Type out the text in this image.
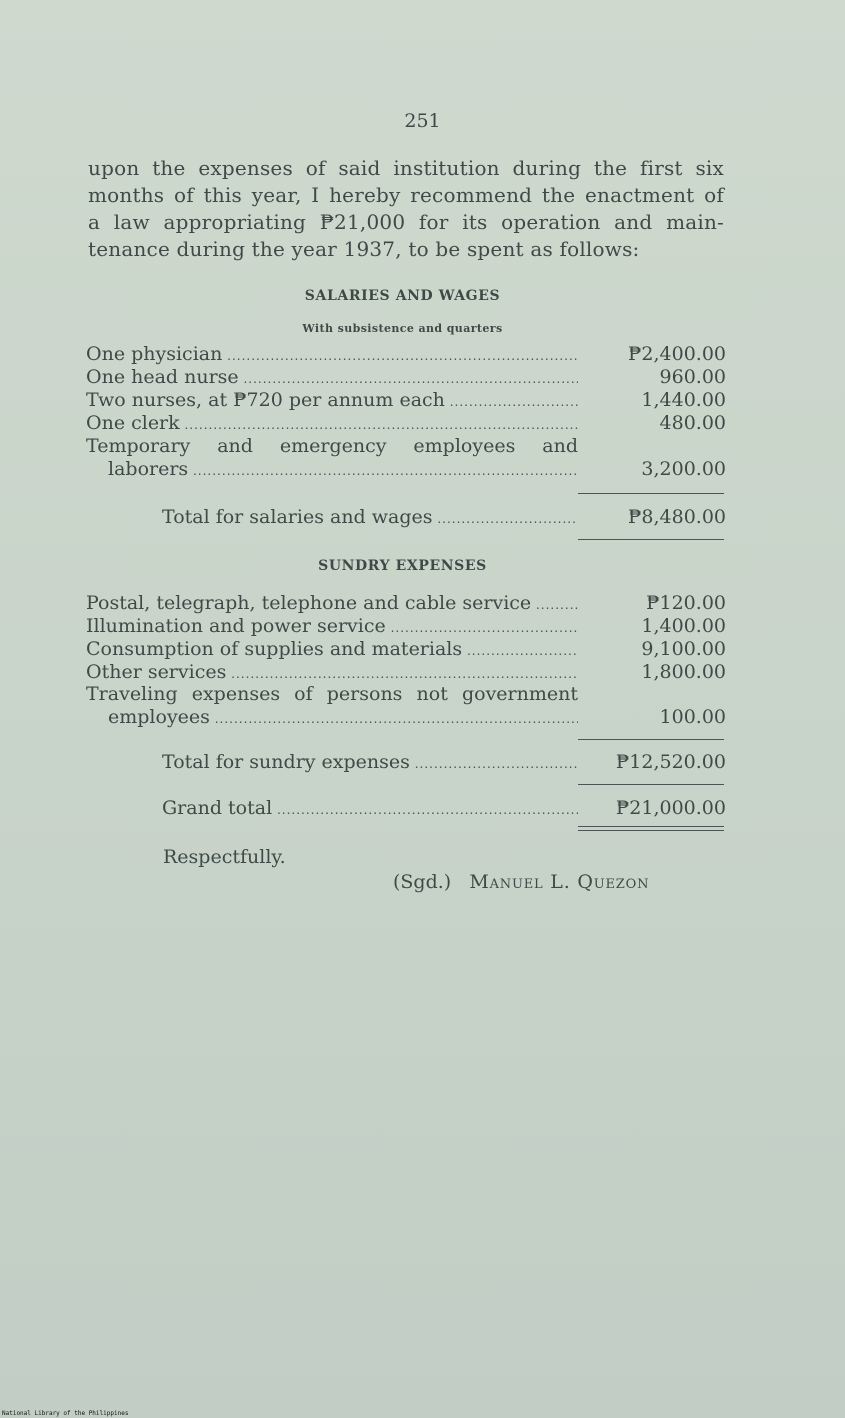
251
upon the expenses of said institution during the first six
months of this year, I hereby recommend the enactment of
a law appropriating ₱21,000 for its operation and main-
tenance during the year 1937, to be spent as follows:
SALARIES AND WAGES
With subsistence and quarters
One physician .....	₱2,400.00
One head nurse .....	960.00
Two nurses, at ₱720 per annum each .....	1,440.00
One clerk .....	480.00
Temporary and emergency employees and
laborers .....	3,200.00
Total for salaries and wages .....	₱8,480.00
SUNDRY EXPENSES
Postal, telegraph, telephone and cable service .....	₱120.00
Illumination and power service .....	1,400.00
Consumption of supplies and materials .....	9,100.00
Other services .....	1,800.00
Traveling expenses of persons not government
employees .....	100.00
Total for sundry expenses .....	₱12,520.00
Grand total .....	₱21,000.00
Respectfully.
(Sgd.) Manuel L. Quezon
National Library of the Philippines
